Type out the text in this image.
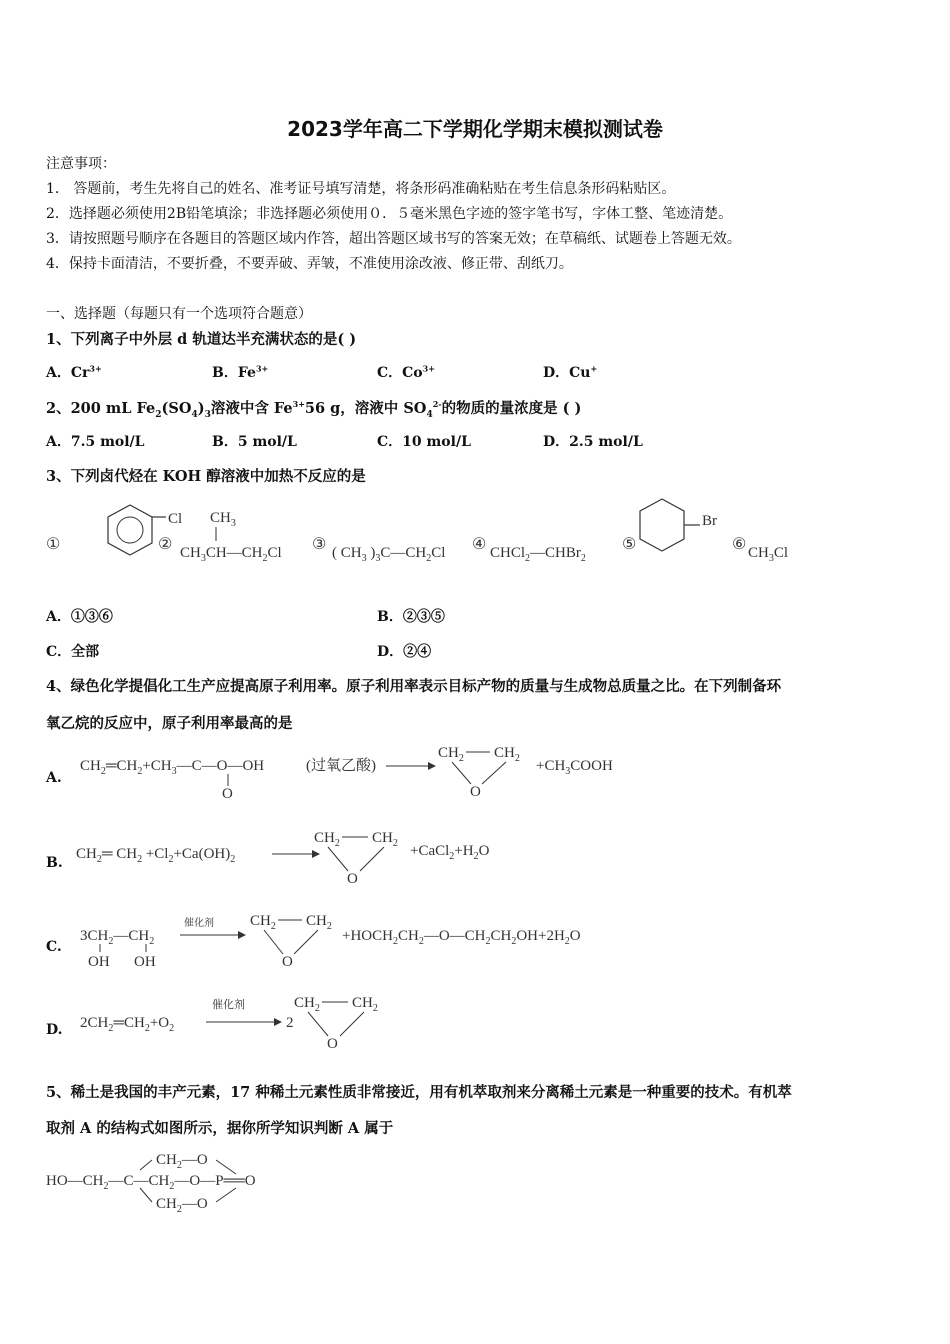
2023学年高二下学期化学期末模拟测试卷
注意事项：
1． 答题前，考生先将自己的姓名、准考证号填写清楚，将条形码准确粘贴在考生信息条形码粘贴区。
2．选择题必须使用2B铅笔填涂；非选择题必须使用０．５毫米黑色字迹的签字笔书写，字体工整、笔迹清楚。
3．请按照题号顺序在各题目的答题区域内作答，超出答题区域书写的答案无效；在草稿纸、试题卷上答题无效。
4．保持卡面清洁，不要折叠，不要弄破、弄皱，不准使用涂改液、修正带、刮纸刀。
一、选择题（每题只有一个选项符合题意）
1、下列离子中外层 d 轨道达半充满状态的是( )
A．$Cr^{3+}$	B．$Fe^{3+}$	C．$Co^{3+}$	D．Cu+
2、200 mL $Fe_2(SO_4)_3$溶液中含 $Fe^{3+}56$ g，溶液中 $SO_4^{2-}$的物质的量浓度是 ( )
A．7.5 mol/L	B．5 mol/L	C．10 mol/L	D．2.5 mol/L
3、下列卤代烃在 KOH 醇溶液中加热不反应的是
①
Cl
②
$CH_3$
$CH_3CH—CH_2Cl$ ③ ( $CH_3$ )$_3C—CH_2Cl$ ④ CHCl$_2$—CHBr$_2$
⑤
Br
⑥ $CH_3Cl$
A．①③⑥	B．②③⑤
C．全部	D．②④
4、绿色化学提倡化工生产应提高原子利用率。原子利用率表示目标产物的质量与生成物总质量之比。在下列制备环
氧乙烷的反应中，原子利用率最高的是
A.
$CH_2═CH_2+CH_3—C—O—OH$
O
(过氧乙酸)
$CH_2$ $CH_2$
O
$+CH_3COOH$
B.
$CH_2═$ $CH_2 +Cl_2+Ca(OH)_2$
$CH_2$ $CH_2$
O
$+CaCl_2+H_2O$
C.
$3CH_2—CH_2$
OH OH
催化剂 $CH_2$ $CH_2$
O
$+HOCH_2CH_2—O—CH_2CH_2OH+2H_2O$
D. $2CH_2═CH_2+O_2$
催化剂
2
$CH_2$ $CH_2$
O
5、稀土是我国的丰产元素，17 种稀土元素性质非常接近，用有机萃取剂来分离稀土元素是一种重要的技术。有机萃
取剂 A 的结构式如图所示，据你所学知识判断 A 属于
$CH_2—O$
$HO—CH_2—C—CH_2—O—P══O$
$CH_2—O$
